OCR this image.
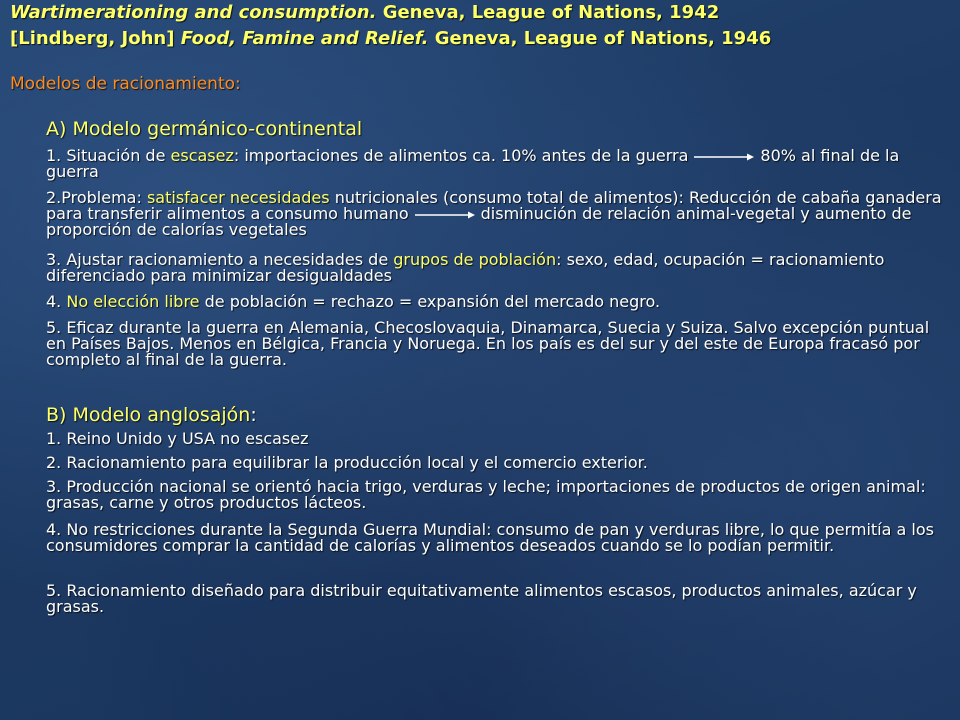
Wartimerationing and consumption. Geneva, League of Nations, 1942
[Lindberg, John] Food, Famine and Relief. Geneva, League of Nations, 1946
Modelos de racionamiento:
A) Modelo germánico-continental
1. Situación de escasez: importaciones de alimentos ca. 10% antes de la guerra	80% al final de la guerra
2.Problema: satisfacer necesidades nutricionales (consumo total de alimentos): Reducción de cabaña ganadera para transferir alimentos a consumo humano	disminución de relación animal-vegetal y aumento de proporción de calorías vegetales
3. Ajustar racionamiento a necesidades de grupos de población: sexo, edad, ocupación = racionamiento diferenciado para minimizar desigualdades
4. No elección libre de población = rechazo = expansión del mercado negro.
5. Eficaz durante la guerra en Alemania, Checoslovaquia, Dinamarca, Suecia y Suiza. Salvo excepción puntual en Países Bajos. Menos en Bélgica, Francia y Noruega. En los país es del sur y del este de Europa fracasó por completo al final de la guerra.
B) Modelo anglosajón:
1. Reino Unido y USA no escasez
2. Racionamiento para equilibrar la producción local y el comercio exterior.
3. Producción nacional se orientó hacia trigo, verduras y leche; importaciones de productos de origen animal: grasas, carne y otros productos lácteos.
4. No restricciones durante la Segunda Guerra Mundial: consumo de pan y verduras libre, lo que permitía a los consumidores comprar la cantidad de calorías y alimentos deseados cuando se lo podían permitir.
5. Racionamiento diseñado para distribuir equitativamente alimentos escasos, productos animales, azúcar y grasas.
